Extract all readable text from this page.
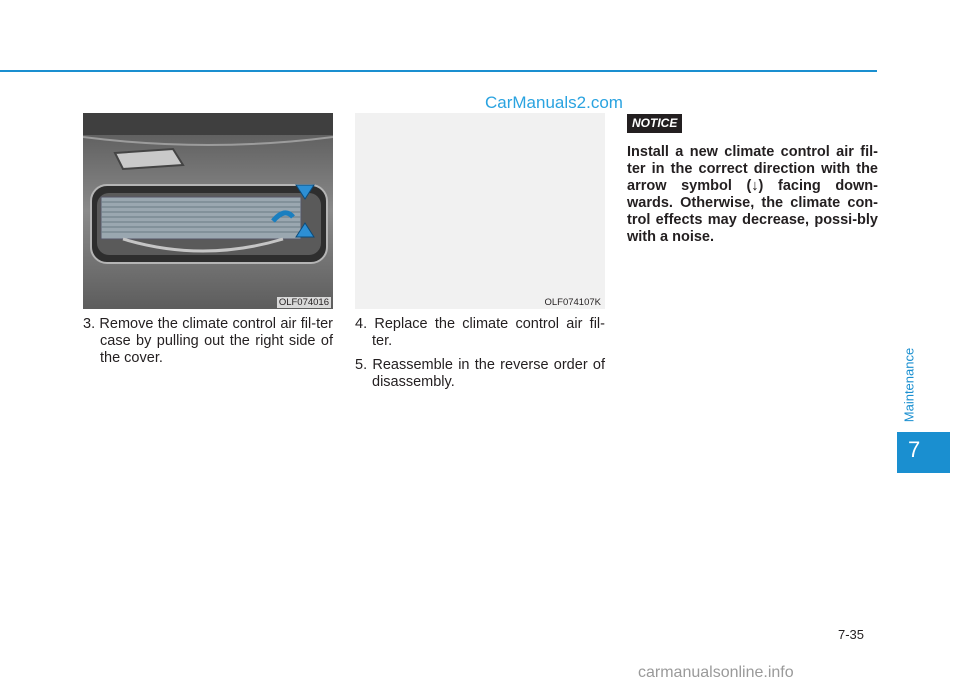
CarManuals2.com
OLF074016	OLF074107K

3. Remove the climate control air fil-ter case by pulling out the right side of the cover.

4. Replace the climate control air fil-ter.

5. Reassemble in the reverse order of disassembly.

NOTICE

Install a new climate control air fil-ter in the correct direction with the arrow symbol (↓) facing down-wards. Otherwise, the climate con-trol effects may decrease, possi-bly with a noise.

Maintenance
7
7-35
carmanualsonline.info
